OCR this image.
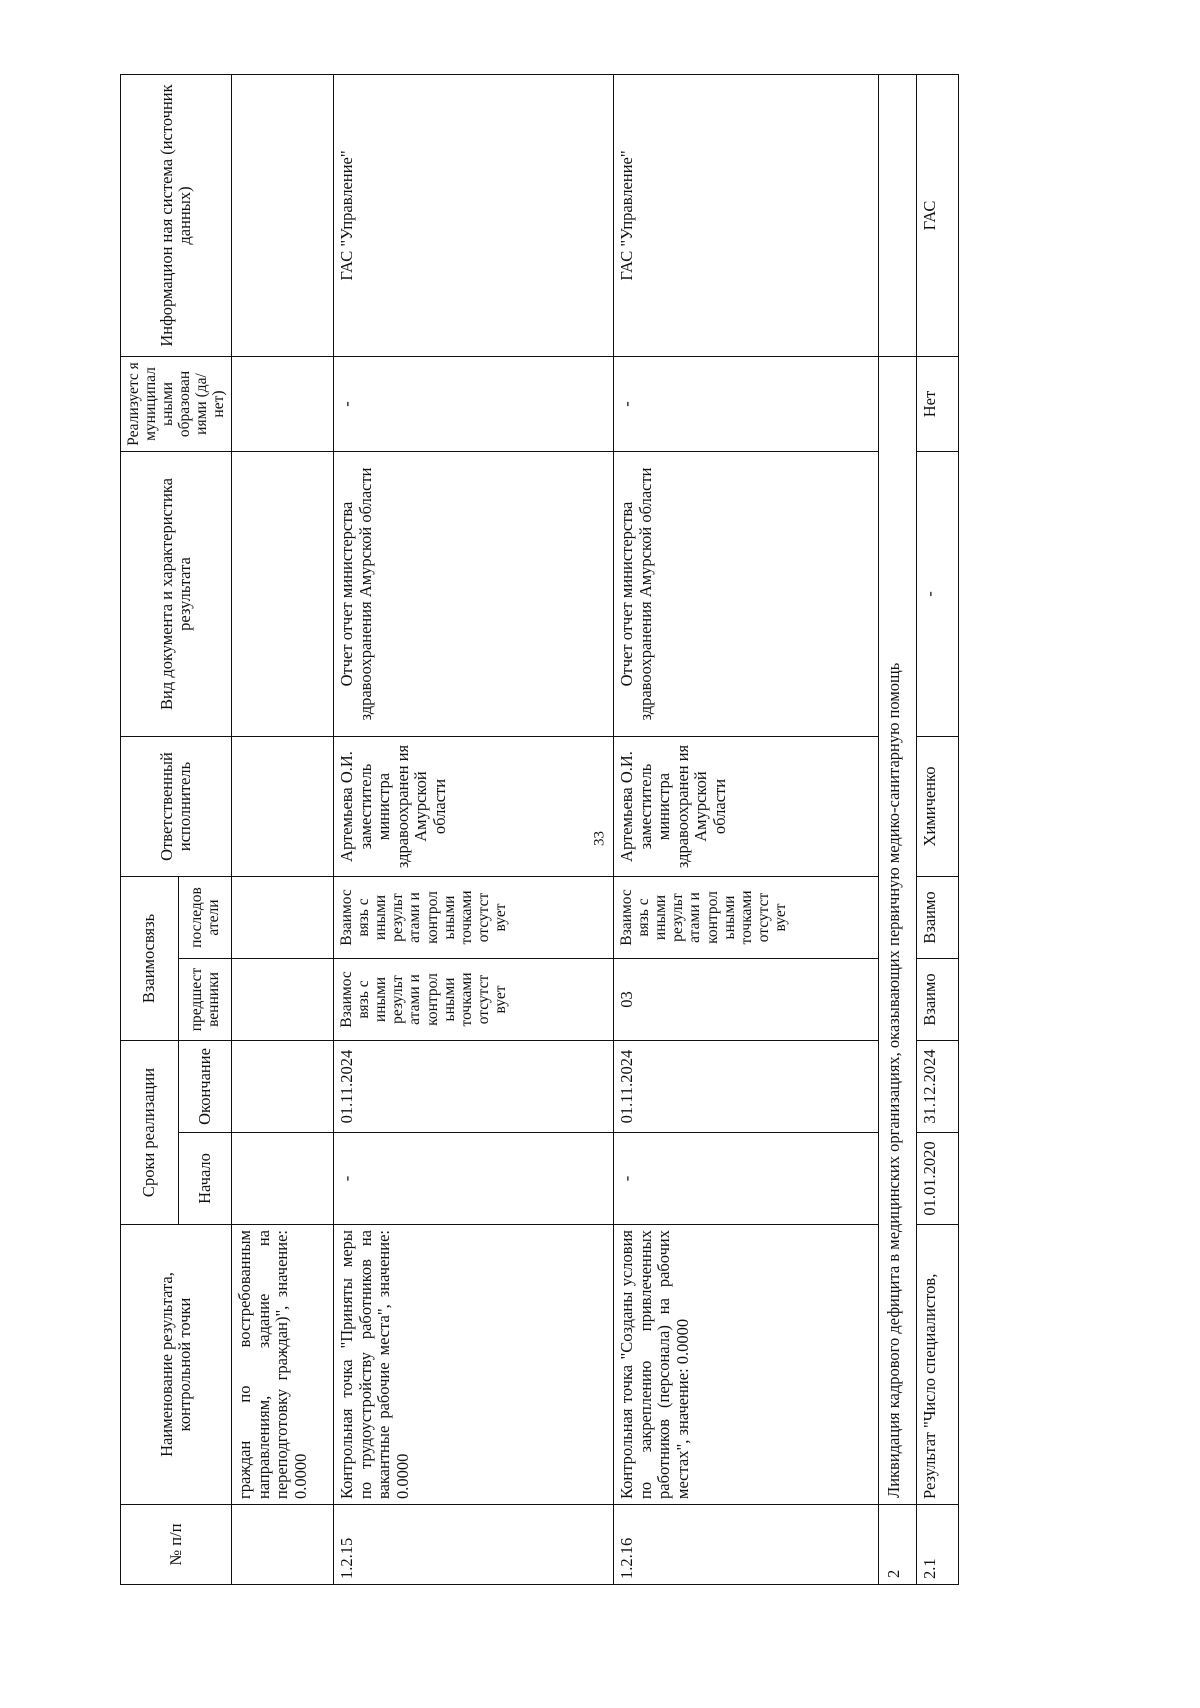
33
№ п/п	Наименование результата, контрольной точки	Сроки реализации		Взаимосвязь		Ответственный исполнитель	Вид документа и характеристика результата	Реализуетс я муниципал ьными образован иями (да/нет)	Информацион ная система (источник данных)
		Начало	Окончание	предшест венники	последов атели				
	граждан по востребованным направлениям, задание на переподготовку граждан)", значение: 0.0000								
1.2.15	Контрольная точка "Приняты меры по трудоустройству работников на вакантные рабочие места", значение: 0.0000	-	01.11.2024	Взаимос вязь с иными результ атами и контрол ьными точками отсутст вует	Взаимос вязь с иными результ атами и контрол ьными точками отсутст вует	Артемьева О.И. заместитель министра здравоохранен ия Амурской области	Отчет отчет министерства здравоохранения Амурской области	-	ГАС "Управление"
1.2.16	Контрольная точка "Созданы условия по закреплению привлеченных работников (персонала) на рабочих местах", значение: 0.0000	-	01.11.2024	03	Взаимос вязь с иными результ атами и контрол ьными точками отсутст вует	Артемьева О.И. заместитель министра здравоохранен ия Амурской области	Отчет отчет министерства здравоохранения Амурской области	-	ГАС "Управление"
2	Ликвидация кадрового дефицита в медицинских организациях, оказывающих первичную медико-санитарную помощь								
2.1	Результат "Число специалистов,	01.01.2020	31.12.2024	Взаимо	Взаимо	Химиченко	-	Нет	ГАС
